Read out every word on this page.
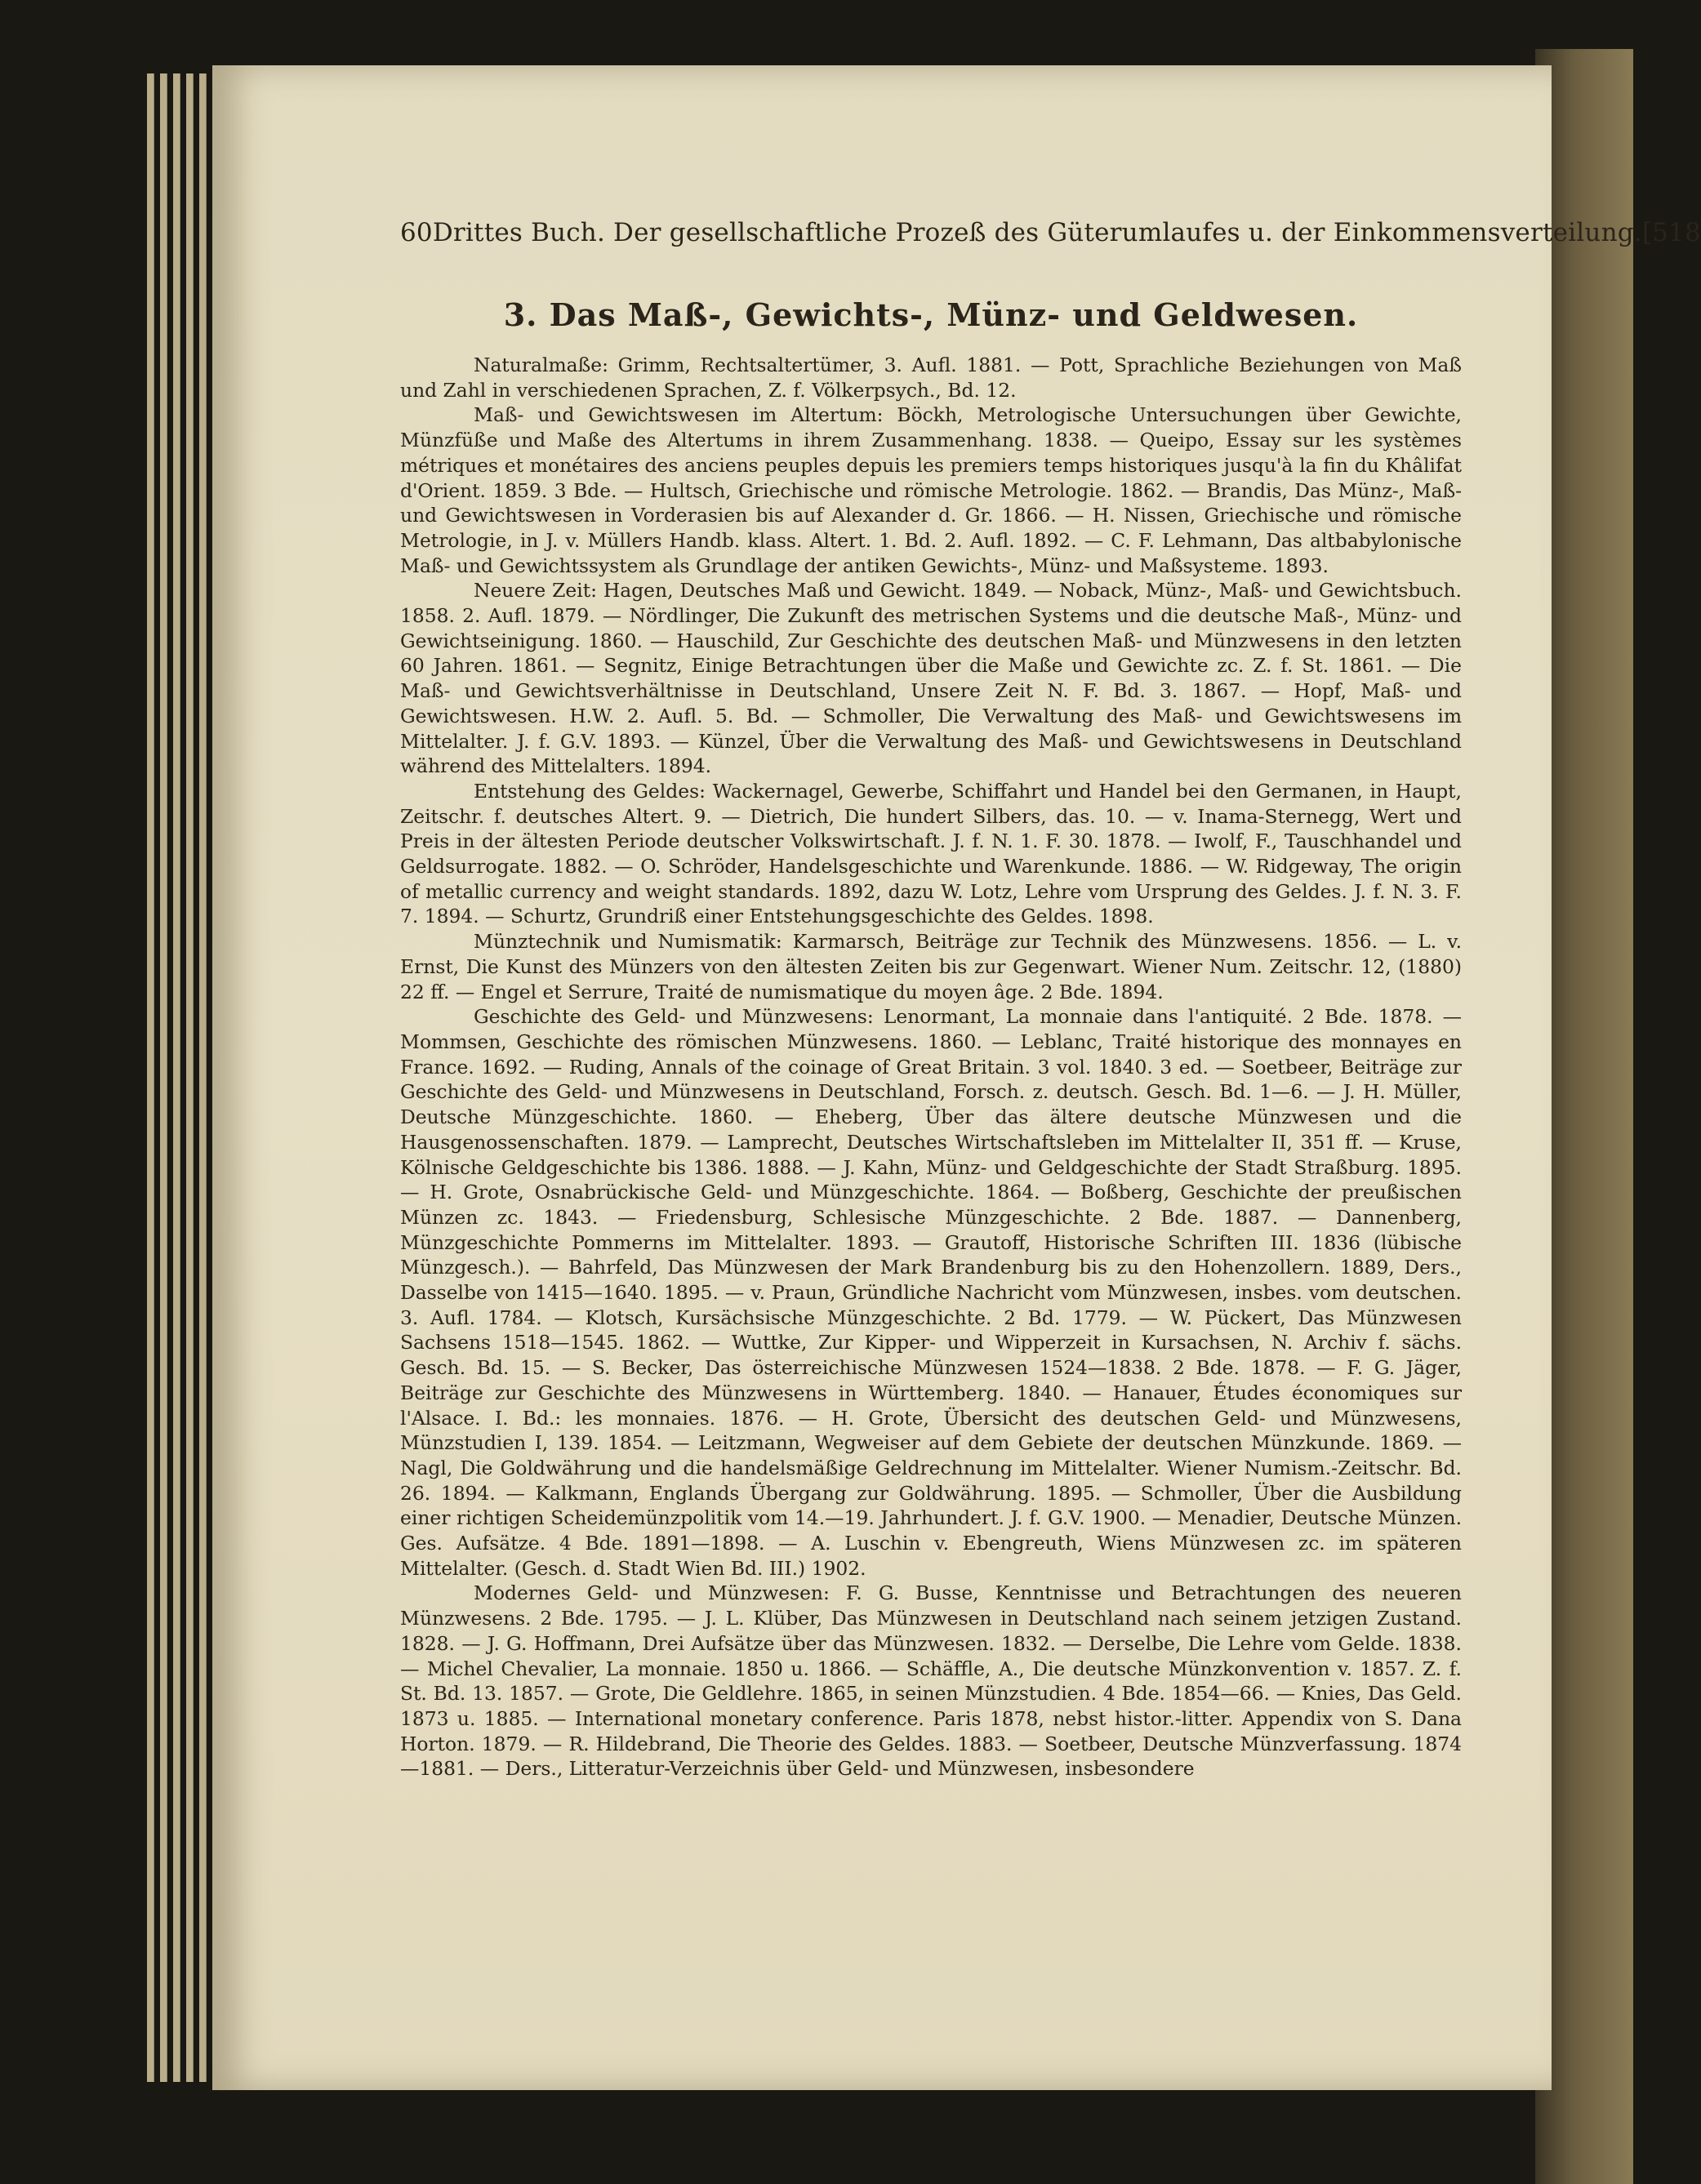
60 Drittes Buch. Der gesellschaftliche Prozeß des Güterumlaufes u. der Einkommensverteilung. [518
3. Das Maß-, Gewichts-, Münz- und Geldwesen.

Naturalmaße: Grimm, Rechtsaltertümer, 3. Aufl. 1881. — Pott, Sprachliche Beziehungen von Maß und Zahl in verschiedenen Sprachen, Z. f. Völkerpsych., Bd. 12.

Maß- und Gewichtswesen im Altertum: Böckh, Metrologische Untersuchungen über Gewichte, Münzfüße und Maße des Altertums in ihrem Zusammenhang. 1838. — Queipo, Essay sur les systèmes métriques et monétaires des anciens peuples depuis les premiers temps historiques jusqu'à la fin du Khâlifat d'Orient. 1859. 3 Bde. — Hultsch, Griechische und römische Metrologie. 1862. — Brandis, Das Münz-, Maß- und Gewichtswesen in Vorderasien bis auf Alexander d. Gr. 1866. — H. Nissen, Griechische und römische Metrologie, in J. v. Müllers Handb. klass. Altert. 1. Bd. 2. Aufl. 1892. — C. F. Lehmann, Das altbabylonische Maß- und Gewichtssystem als Grundlage der antiken Gewichts-, Münz- und Maßsysteme. 1893.

Neuere Zeit: Hagen, Deutsches Maß und Gewicht. 1849. — Noback, Münz-, Maß- und Gewichtsbuch. 1858. 2. Aufl. 1879. — Nördlinger, Die Zukunft des metrischen Systems und die deutsche Maß-, Münz- und Gewichtseinigung. 1860. — Hauschild, Zur Geschichte des deutschen Maß- und Münzwesens in den letzten 60 Jahren. 1861. — Segnitz, Einige Betrachtungen über die Maße und Gewichte zc. Z. f. St. 1861. — Die Maß- und Gewichtsverhältnisse in Deutschland, Unsere Zeit N. F. Bd. 3. 1867. — Hopf, Maß- und Gewichtswesen. H.W. 2. Aufl. 5. Bd. — Schmoller, Die Verwaltung des Maß- und Gewichtswesens im Mittelalter. J. f. G.V. 1893. — Künzel, Über die Verwaltung des Maß- und Gewichtswesens in Deutschland während des Mittelalters. 1894.

Entstehung des Geldes: Wackernagel, Gewerbe, Schiffahrt und Handel bei den Germanen, in Haupt, Zeitschr. f. deutsches Altert. 9. — Dietrich, Die hundert Silbers, das. 10. — v. Inama-Sternegg, Wert und Preis in der ältesten Periode deutscher Volkswirtschaft. J. f. N. 1. F. 30. 1878. — Iwolf, F., Tauschhandel und Geldsurrogate. 1882. — O. Schröder, Handelsgeschichte und Warenkunde. 1886. — W. Ridgeway, The origin of metallic currency and weight standards. 1892, dazu W. Lotz, Lehre vom Ursprung des Geldes. J. f. N. 3. F. 7. 1894. — Schurtz, Grundriß einer Entstehungsgeschichte des Geldes. 1898.

Münztechnik und Numismatik: Karmarsch, Beiträge zur Technik des Münzwesens. 1856. — L. v. Ernst, Die Kunst des Münzers von den ältesten Zeiten bis zur Gegenwart. Wiener Num. Zeitschr. 12, (1880) 22 ff. — Engel et Serrure, Traité de numismatique du moyen âge. 2 Bde. 1894.

Geschichte des Geld- und Münzwesens: Lenormant, La monnaie dans l'antiquité. 2 Bde. 1878. — Mommsen, Geschichte des römischen Münzwesens. 1860. — Leblanc, Traité historique des monnayes en France. 1692. — Ruding, Annals of the coinage of Great Britain. 3 vol. 1840. 3 ed. — Soetbeer, Beiträge zur Geschichte des Geld- und Münzwesens in Deutschland, Forsch. z. deutsch. Gesch. Bd. 1—6. — J. H. Müller, Deutsche Münzgeschichte. 1860. — Eheberg, Über das ältere deutsche Münzwesen und die Hausgenossenschaften. 1879. — Lamprecht, Deutsches Wirtschaftsleben im Mittelalter II, 351 ff. — Kruse, Kölnische Geldgeschichte bis 1386. 1888. — J. Kahn, Münz- und Geldgeschichte der Stadt Straßburg. 1895. — H. Grote, Osnabrückische Geld- und Münzgeschichte. 1864. — Boßberg, Geschichte der preußischen Münzen zc. 1843. — Friedensburg, Schlesische Münzgeschichte. 2 Bde. 1887. — Dannenberg, Münzgeschichte Pommerns im Mittelalter. 1893. — Grautoff, Historische Schriften III. 1836 (lübische Münzgesch.). — Bahrfeld, Das Münzwesen der Mark Brandenburg bis zu den Hohenzollern. 1889, Ders., Dasselbe von 1415—1640. 1895. — v. Praun, Gründliche Nachricht vom Münzwesen, insbes. vom deutschen. 3. Aufl. 1784. — Klotsch, Kursächsische Münzgeschichte. 2 Bd. 1779. — W. Pückert, Das Münzwesen Sachsens 1518—1545. 1862. — Wuttke, Zur Kipper- und Wipperzeit in Kursachsen, N. Archiv f. sächs. Gesch. Bd. 15. — S. Becker, Das österreichische Münzwesen 1524—1838. 2 Bde. 1878. — F. G. Jäger, Beiträge zur Geschichte des Münzwesens in Württemberg. 1840. — Hanauer, Études économiques sur l'Alsace. I. Bd.: les monnaies. 1876. — H. Grote, Übersicht des deutschen Geld- und Münzwesens, Münzstudien I, 139. 1854. — Leitzmann, Wegweiser auf dem Gebiete der deutschen Münzkunde. 1869. — Nagl, Die Goldwährung und die handelsmäßige Geldrechnung im Mittelalter. Wiener Numism.-Zeitschr. Bd. 26. 1894. — Kalkmann, Englands Übergang zur Goldwährung. 1895. — Schmoller, Über die Ausbildung einer richtigen Scheidemünzpolitik vom 14.—19. Jahrhundert. J. f. G.V. 1900. — Menadier, Deutsche Münzen. Ges. Aufsätze. 4 Bde. 1891—1898. — A. Luschin v. Ebengreuth, Wiens Münzwesen zc. im späteren Mittelalter. (Gesch. d. Stadt Wien Bd. III.) 1902.

Modernes Geld- und Münzwesen: F. G. Busse, Kenntnisse und Betrachtungen des neueren Münzwesens. 2 Bde. 1795. — J. L. Klüber, Das Münzwesen in Deutschland nach seinem jetzigen Zustand. 1828. — J. G. Hoffmann, Drei Aufsätze über das Münzwesen. 1832. — Derselbe, Die Lehre vom Gelde. 1838. — Michel Chevalier, La monnaie. 1850 u. 1866. — Schäffle, A., Die deutsche Münzkonvention v. 1857. Z. f. St. Bd. 13. 1857. — Grote, Die Geldlehre. 1865, in seinen Münzstudien. 4 Bde. 1854—66. — Knies, Das Geld. 1873 u. 1885. — International monetary conference. Paris 1878, nebst histor.-litter. Appendix von S. Dana Horton. 1879. — R. Hildebrand, Die Theorie des Geldes. 1883. — Soetbeer, Deutsche Münzverfassung. 1874—1881. — Ders., Litteratur-Verzeichnis über Geld- und Münzwesen, insbesondere
